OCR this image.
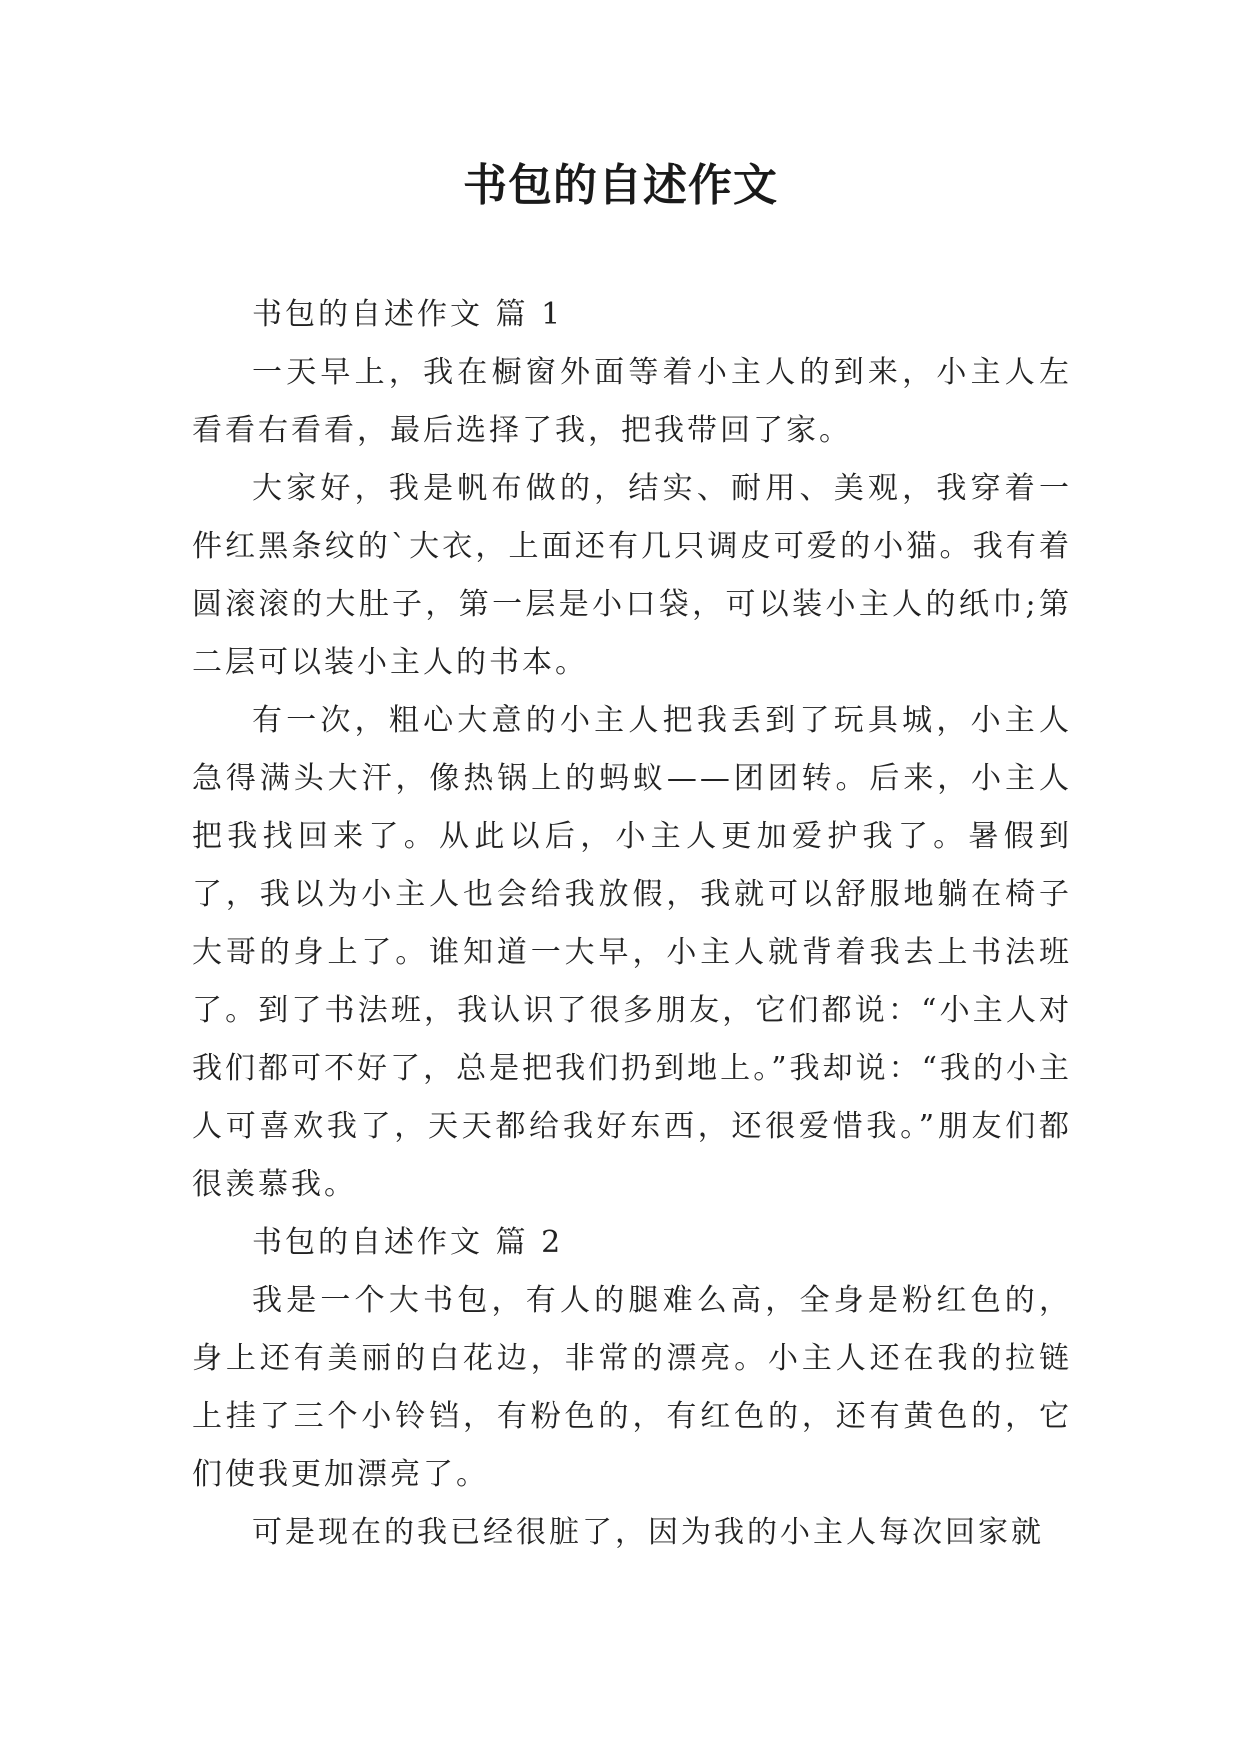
书包的自述作文

书包的自述作文 篇 1

一天早上，我在橱窗外面等着小主人的到来，小主人左看看右看看，最后选择了我，把我带回了家。

大家好，我是帆布做的，结实、耐用、美观，我穿着一件红黑条纹的`大衣，上面还有几只调皮可爱的小猫。我有着圆滚滚的大肚子，第一层是小口袋，可以装小主人的纸巾;第二层可以装小主人的书本。

有一次，粗心大意的小主人把我丢到了玩具城，小主人急得满头大汗，像热锅上的蚂蚁——团团转。后来，小主人把我找回来了。从此以后，小主人更加爱护我了。暑假到了，我以为小主人也会给我放假，我就可以舒服地躺在椅子大哥的身上了。谁知道一大早，小主人就背着我去上书法班了。到了书法班，我认识了很多朋友，它们都说：“小主人对我们都可不好了，总是把我们扔到地上。”我却说：“我的小主人可喜欢我了，天天都给我好东西，还很爱惜我。”朋友们都很羡慕我。

书包的自述作文 篇 2

我是一个大书包，有人的腿难么高，全身是粉红色的，身上还有美丽的白花边，非常的漂亮。小主人还在我的拉链上挂了三个小铃铛，有粉色的，有红色的，还有黄色的，它们使我更加漂亮了。

可是现在的我已经很脏了，因为我的小主人每次回家就
